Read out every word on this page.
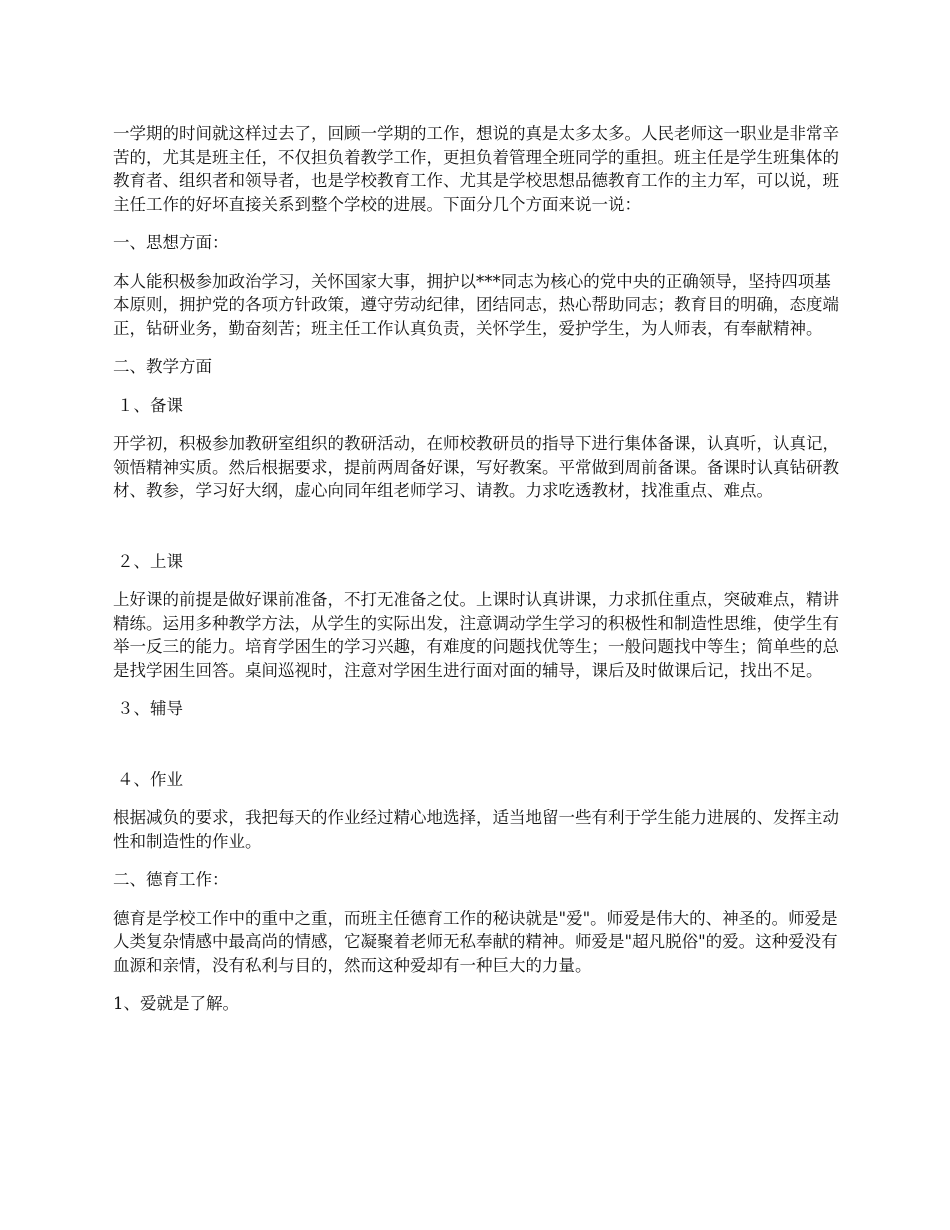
一学期的时间就这样过去了，回顾一学期的工作，想说的真是太多太多。人民老师这一职业是非常辛苦的，尤其是班主任，不仅担负着教学工作，更担负着管理全班同学的重担。班主任是学生班集体的教育者、组织者和领导者，也是学校教育工作、尤其是学校思想品德教育工作的主力军，可以说，班主任工作的好坏直接关系到整个学校的进展。下面分几个方面来说一说：

一、思想方面：

本人能积极参加政治学习，关怀国家大事，拥护以***同志为核心的党中央的正确领导，坚持四项基本原则，拥护党的各项方针政策，遵守劳动纪律，团结同志，热心帮助同志；教育目的明确，态度端正，钻研业务，勤奋刻苦；班主任工作认真负责，关怀学生，爱护学生，为人师表，有奉献精神。

二、教学方面

１、备课

开学初，积极参加教研室组织的教研活动，在师校教研员的指导下进行集体备课，认真听，认真记，领悟精神实质。然后根据要求，提前两周备好课，写好教案。平常做到周前备课。备课时认真钻研教材、教参，学习好大纲，虚心向同年组老师学习、请教。力求吃透教材，找准重点、难点。

２、上课

上好课的前提是做好课前准备，不打无准备之仗。上课时认真讲课，力求抓住重点，突破难点，精讲精练。运用多种教学方法，从学生的实际出发，注意调动学生学习的积极性和制造性思维，使学生有举一反三的能力。培育学困生的学习兴趣，有难度的问题找优等生；一般问题找中等生；简单些的总是找学困生回答。桌间巡视时，注意对学困生进行面对面的辅导，课后及时做课后记，找出不足。

３、辅导

４、作业

根据减负的要求，我把每天的作业经过精心地选择，适当地留一些有利于学生能力进展的、发挥主动性和制造性的作业。

二、德育工作：

德育是学校工作中的重中之重，而班主任德育工作的秘诀就是"爱"。师爱是伟大的、神圣的。师爱是人类复杂情感中最高尚的情感，它凝聚着老师无私奉献的精神。师爱是"超凡脱俗"的爱。这种爱没有血源和亲情，没有私利与目的，然而这种爱却有一种巨大的力量。

1、爱就是了解。
